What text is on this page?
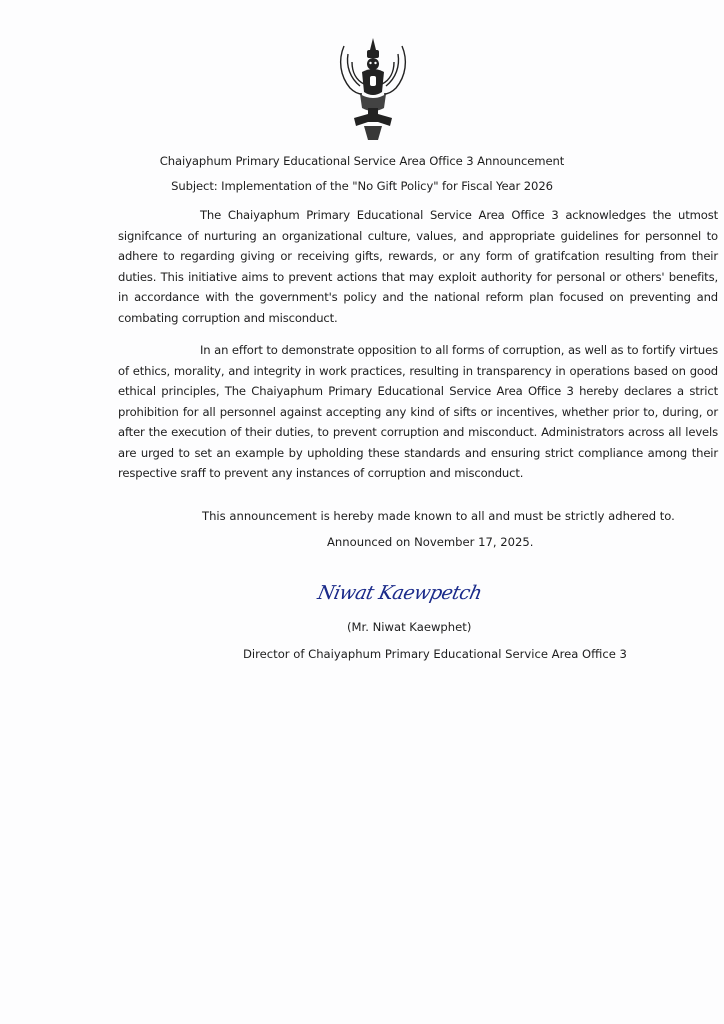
Chaiyaphum Primary Educational Service Area Office 3 Announcement
Subject: Implementation of the "No Gift Policy" for Fiscal Year 2026
The Chaiyaphum Primary Educational Service Area Office 3 acknowledges the utmost signifcance of nurturing an organizational culture, values, and appropriate guidelines for personnel to adhere to regarding giving or receiving gifts, rewards, or any form of gratifcation resulting from their duties. This initiative aims to prevent actions that may exploit authority for personal or others' benefits, in accordance with the government's policy and the national reform plan focused on preventing and combating corruption and misconduct.
In an effort to demonstrate opposition to all forms of corruption, as well as to fortify virtues of ethics, morality, and integrity in work practices, resulting in transparency in operations based on good ethical principles, The Chaiyaphum Primary Educational Service Area Office 3 hereby declares a strict prohibition for all personnel against accepting any kind of sifts or incentives, whether prior to, during, or after the execution of their duties, to prevent corruption and misconduct. Administrators across all levels are urged to set an example by upholding these standards and ensuring strict compliance among their respective sraff to prevent any instances of corruption and misconduct.
This announcement is hereby made known to all and must be strictly adhered to.
Announced on November 17, 2025.
Niwat Kaewpetch
(Mr. Niwat Kaewphet)
Director of Chaiyaphum Primary Educational Service Area Office 3
